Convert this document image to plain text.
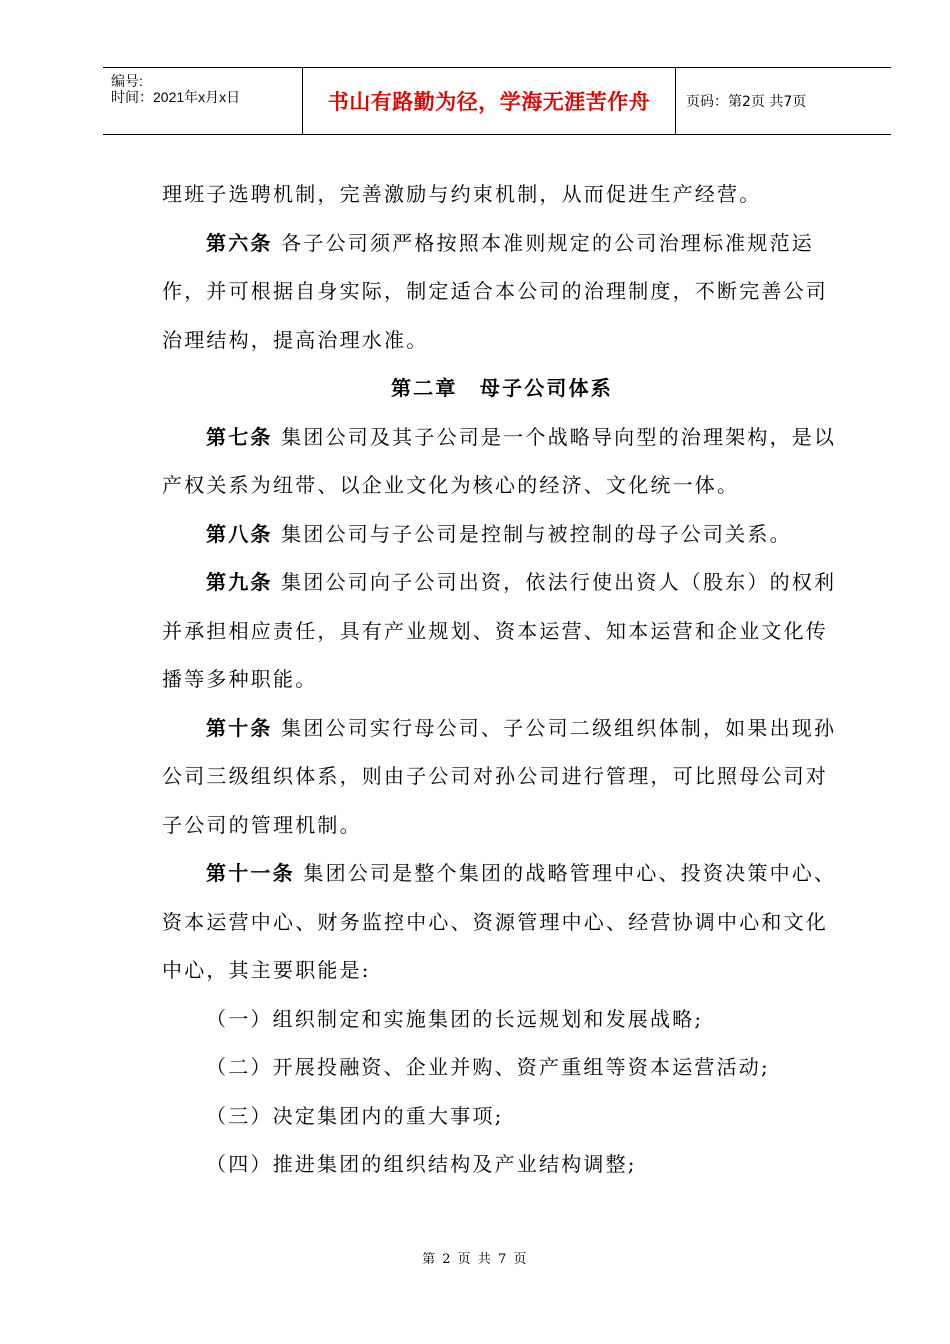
编号:
时间：2021年x月x日	书山有路勤为径，学海无涯苦作舟	页码：第2页 共7页

理班子选聘机制，完善激励与约束机制，从而促进生产经营。

第六条 各子公司须严格按照本准则规定的公司治理标准规范运作，并可根据自身实际，制定适合本公司的治理制度，不断完善公司治理结构，提高治理水准。

第二章　母子公司体系

第七条 集团公司及其子公司是一个战略导向型的治理架构，是以产权关系为纽带、以企业文化为核心的经济、文化统一体。

第八条 集团公司与子公司是控制与被控制的母子公司关系。

第九条 集团公司向子公司出资，依法行使出资人（股东）的权利并承担相应责任，具有产业规划、资本运营、知本运营和企业文化传播等多种职能。

第十条 集团公司实行母公司、子公司二级组织体制，如果出现孙公司三级组织体系，则由子公司对孙公司进行管理，可比照母公司对子公司的管理机制。

第十一条 集团公司是整个集团的战略管理中心、投资决策中心、资本运营中心、财务监控中心、资源管理中心、经营协调中心和文化中心，其主要职能是:

（一）组织制定和实施集团的长远规划和发展战略;

（二）开展投融资、企业并购、资产重组等资本运营活动;

（三）决定集团内的重大事项;

（四）推进集团的组织结构及产业结构调整;

第 2 页 共 7 页
